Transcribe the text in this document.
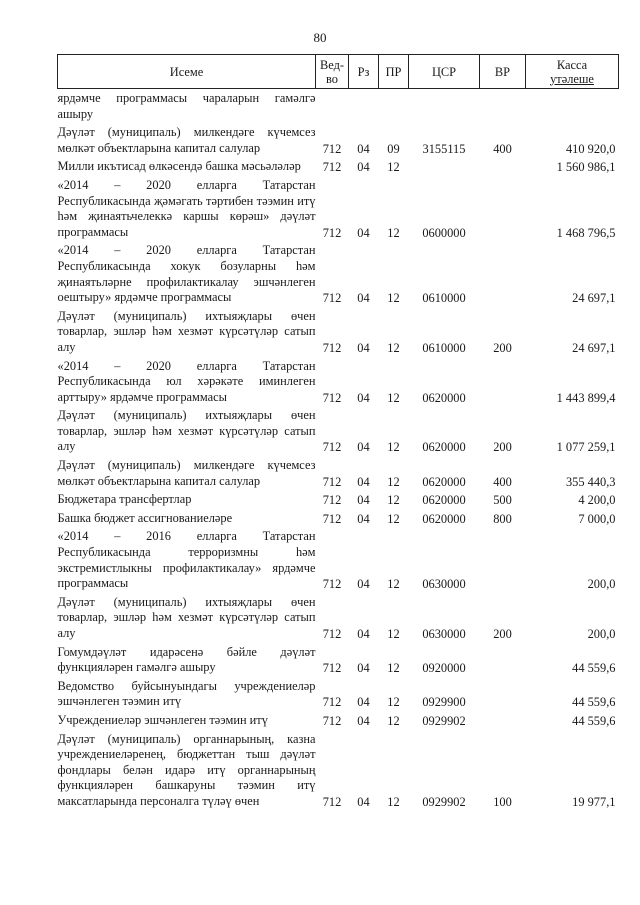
80
Исеме	Вед- во	Рз	ПР	ЦСР	ВР	Касса
утәлеше

ярдәмче программасы чараларын гамәлгә ашыру						
Дәүләт (муниципаль) милкендәге күчемсез мөлкәт объектларына капитал салулар	712	04	09	3155115	400	410 920,0
Милли икътисад өлкәсендә башка мәсьәләләр	712	04	12			1 560 986,1
«2014 – 2020 елларга Татарстан Республикасында җәмәгать тәртибен тәэмин итү һәм җинаятьчелеккә каршы көрәш» дәүләт программасы	712	04	12	0600000		1 468 796,5
«2014 – 2020 елларга Татарстан Республикасында хокук бозуларны һәм җинаятьләрне профилактикалау эшчәнлеген оештыру» ярдәмче программасы	712	04	12	0610000		24 697,1
Дәүләт (муниципаль) ихтыяҗлары өчен товарлар, эшләр һәм хезмәт күрсәтүләр сатып алу	712	04	12	0610000	200	24 697,1
«2014 – 2020 елларга Татарстан Республикасында юл хәрәкәте иминлеген арттыру» ярдәмче программасы	712	04	12	0620000		1 443 899,4
Дәүләт (муниципаль) ихтыяҗлары өчен товарлар, эшләр һәм хезмәт күрсәтүләр сатып алу	712	04	12	0620000	200	1 077 259,1
Дәүләт (муниципаль) милкендәге күчемсез мөлкәт объектларына капитал салулар	712	04	12	0620000	400	355 440,3
Бюджетара трансфертлар	712	04	12	0620000	500	4 200,0
Башка бюджет ассигнованиеләре	712	04	12	0620000	800	7 000,0
«2014 – 2016 елларга Татарстан Республикасында терроризмны һәм экстремистлыкны профилактикалау» ярдәмче программасы	712	04	12	0630000		200,0
Дәүләт (муниципаль) ихтыяҗлары өчен товарлар, эшләр һәм хезмәт күрсәтүләр сатып алу	712	04	12	0630000	200	200,0
Гомумдәүләт идарәсенә бәйле дәүләт функцияләрен гамәлгә ашыру	712	04	12	0920000		44 559,6
Ведомство буйсынуындагы учреждениеләр эшчәнлеген тәэмин итү	712	04	12	0929900		44 559,6
Учреждениеләр эшчәнлеген тәэмин итү	712	04	12	0929902		44 559,6
Дәүләт (муниципаль) органнарының, казна учреждениеләренең, бюджеттан тыш дәүләт фондлары белән идарә итү органнарының функцияләрен башкаруны тәэмин итү максатларында персоналга түләү өчен	712	04	12	0929902	100	19 977,1
